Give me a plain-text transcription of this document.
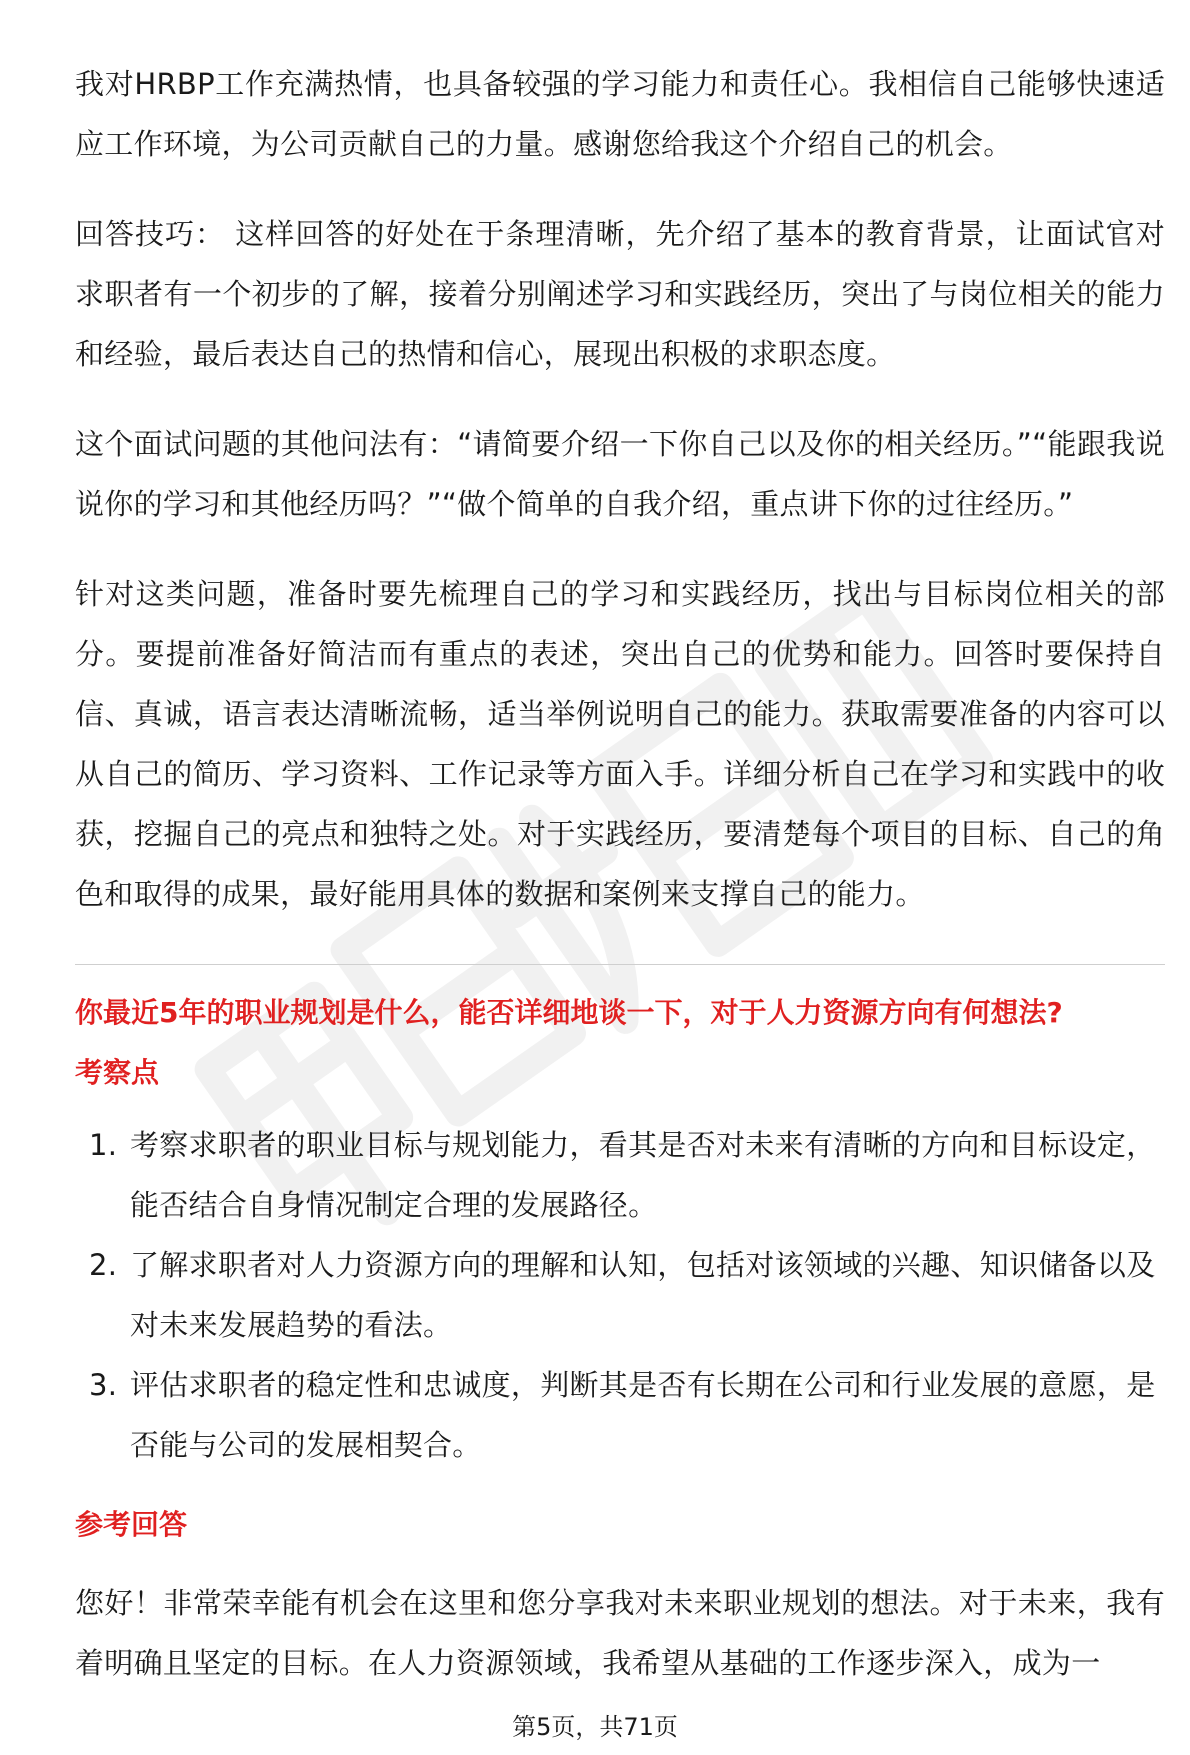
我对HRBP工作充满热情，也具备较强的学习能力和责任心。我相信自己能够快速适应工作环境，为公司贡献自己的力量。感谢您给我这个介绍自己的机会。

回答技巧： 这样回答的好处在于条理清晰，先介绍了基本的教育背景，让面试官对求职者有一个初步的了解，接着分别阐述学习和实践经历，突出了与岗位相关的能力和经验，最后表达自己的热情和信心，展现出积极的求职态度。

这个面试问题的其他问法有：“请简要介绍一下你自己以及你的相关经历。”“能跟我说说你的学习和其他经历吗？”“做个简单的自我介绍，重点讲下你的过往经历。”

针对这类问题，准备时要先梳理自己的学习和实践经历，找出与目标岗位相关的部分。要提前准备好简洁而有重点的表述，突出自己的优势和能力。回答时要保持自信、真诚，语言表达清晰流畅，适当举例说明自己的能力。获取需要准备的内容可以从自己的简历、学习资料、工作记录等方面入手。详细分析自己在学习和实践中的收获，挖掘自己的亮点和独特之处。对于实践经历，要清楚每个项目的目标、自己的角色和取得的成果，最好能用具体的数据和案例来支撑自己的能力。

你最近5年的职业规划是什么，能否详细地谈一下，对于人力资源方向有何想法?
考察点
1. 考察求职者的职业目标与规划能力，看其是否对未来有清晰的方向和目标设定，能否结合自身情况制定合理的发展路径。
2. 了解求职者对人力资源方向的理解和认知，包括对该领域的兴趣、知识储备以及对未来发展趋势的看法。
3. 评估求职者的稳定性和忠诚度，判断其是否有长期在公司和行业发展的意愿，是否能与公司的发展相契合。
参考回答

您好！非常荣幸能有机会在这里和您分享我对未来职业规划的想法。对于未来，我有着明确且坚定的目标。在人力资源领域，我希望从基础的工作逐步深入，成为一

第5页，共71页
